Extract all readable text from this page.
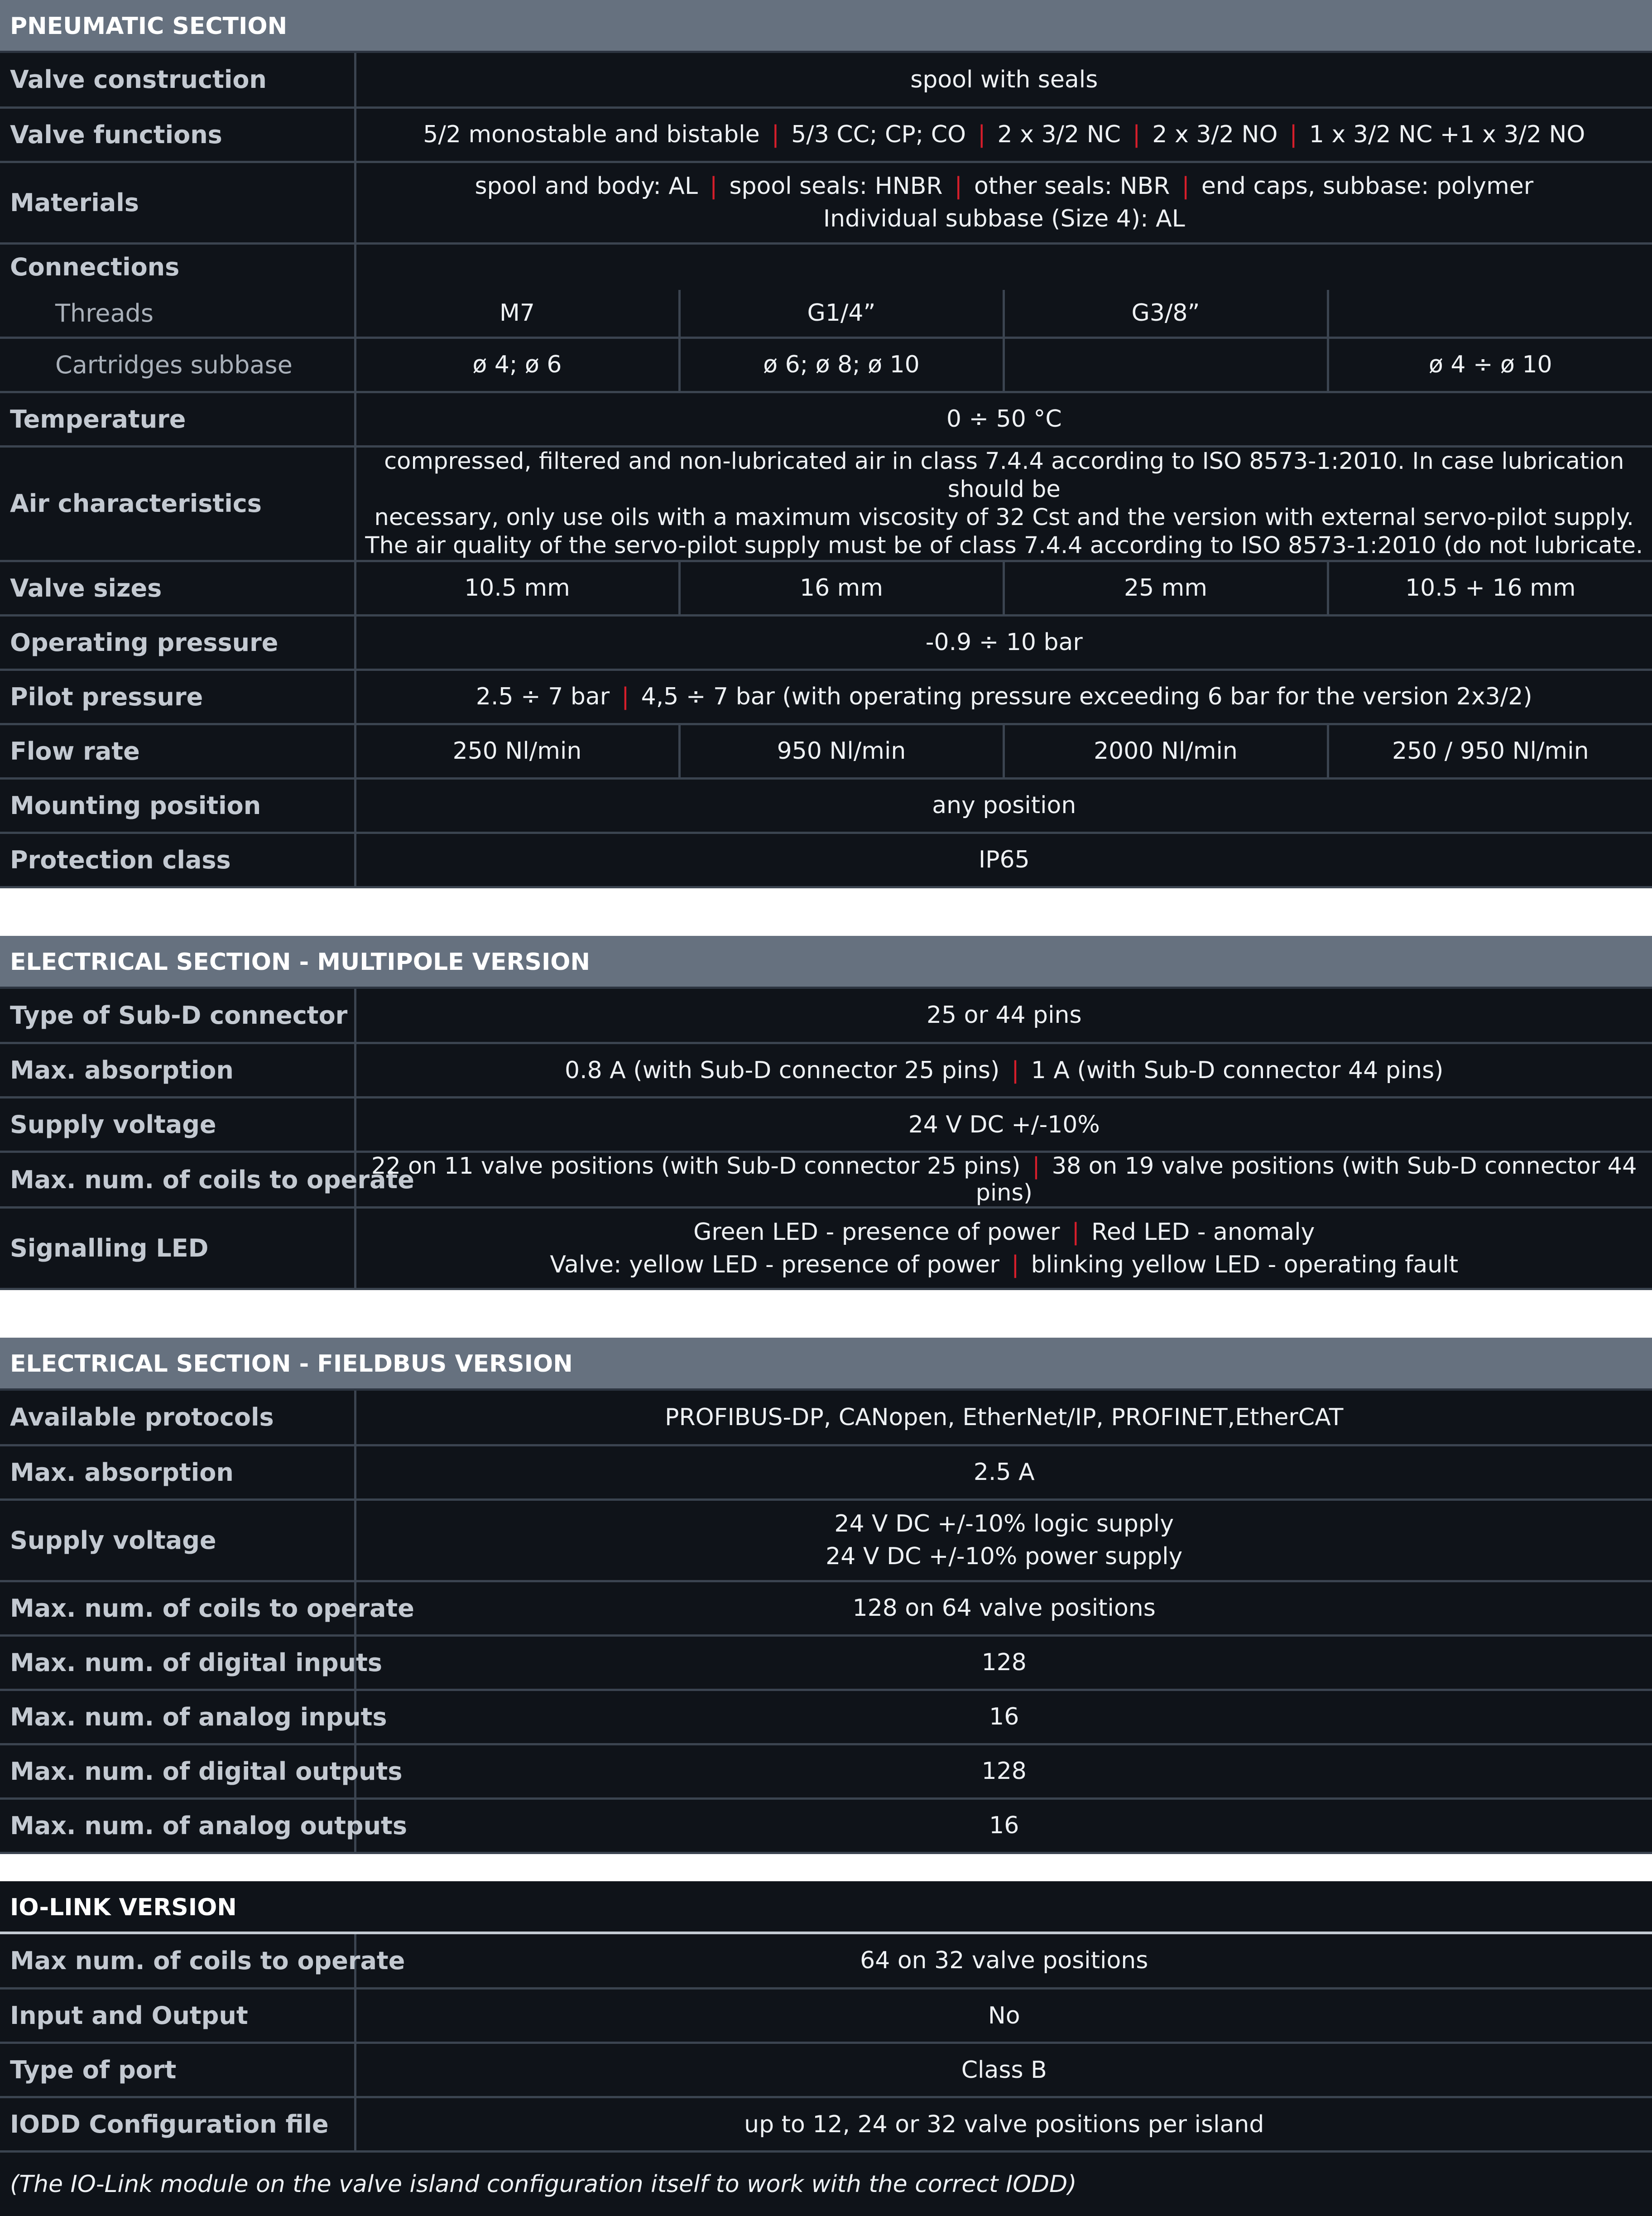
PNEUMATIC SECTION
Valve construction	spool with seals			
Valve functions	5/2 monostable and bistable | 5/3 CC; CP; CO | 2 x 3/2 NC | 2 x 3/2 NO | 1 x 3/2 NC +1 x 3/2 NO			
Materials	spool and body: AL | spool seals: HNBR | other seals: NBR | end caps, subbase: polymer
Individual subbase (Size 4): AL			

Connections				
Threads	M7	G1/4”	G3/8”	
Cartridges subbase	ø 4; ø 6	ø 6; ø 8; ø 10		ø 4 ÷ ø 10
Temperature	0 ÷ 50 °C			
Air characteristics	compressed, filtered and non-lubricated air in class 7.4.4 according to ISO 8573-1:2010. In case lubrication should be
necessary, only use oils with a maximum viscosity of 32 Cst and the version with external servo-pilot supply.
The air quality of the servo-pilot supply must be of class 7.4.4 according to ISO 8573-1:2010 (do not lubricate.			

Valve sizes	10.5 mm	16 mm	25 mm	10.5 + 16 mm
Operating pressure	-0.9 ÷ 10 bar			
Pilot pressure	2.5 ÷ 7 bar | 4,5 ÷ 7 bar (with operating pressure exceeding 6 bar for the version 2x3/2)			
Flow rate	250 Nl/min	950 Nl/min	2000 Nl/min	250 / 950 Nl/min
Mounting position	any position			
Protection class	IP65			
ELECTRICAL SECTION - MULTIPOLE VERSION
Type of Sub-D connector	25 or 44 pins
Max. absorption	0.8 A (with Sub-D connector 25 pins) | 1 A (with Sub-D connector 44 pins)
Supply voltage	24 V DC +/-10%
Max. num. of coils to operate	22 on 11 valve positions (with Sub-D connector 25 pins) | 38 on 19 valve positions (with Sub-D connector 44 pins)
Signalling LED	Green LED - presence of power | Red LED - anomaly
Valve: yellow LED - presence of power | blinking yellow LED - operating fault
ELECTRICAL SECTION - FIELDBUS VERSION
Available protocols	PROFIBUS-DP, CANopen, EtherNet/IP, PROFINET,EtherCAT
Max. absorption	2.5 A
Supply voltage	24 V DC +/-10% logic supply
24 V DC +/-10% power supply

Max. num. of coils to operate	128 on 64 valve positions
Max. num. of digital inputs	128
Max. num. of analog inputs	16
Max. num. of digital outputs	128
Max. num. of analog outputs	16
IO-LINK VERSION
Max num. of coils to operate	64 on 32 valve positions
Input and Output	No
Type of port	Class B
IODD Configuration file	up to 12, 24 or 32 valve positions per island
(The IO-Link module on the valve island configuration itself to work with the correct IODD)
